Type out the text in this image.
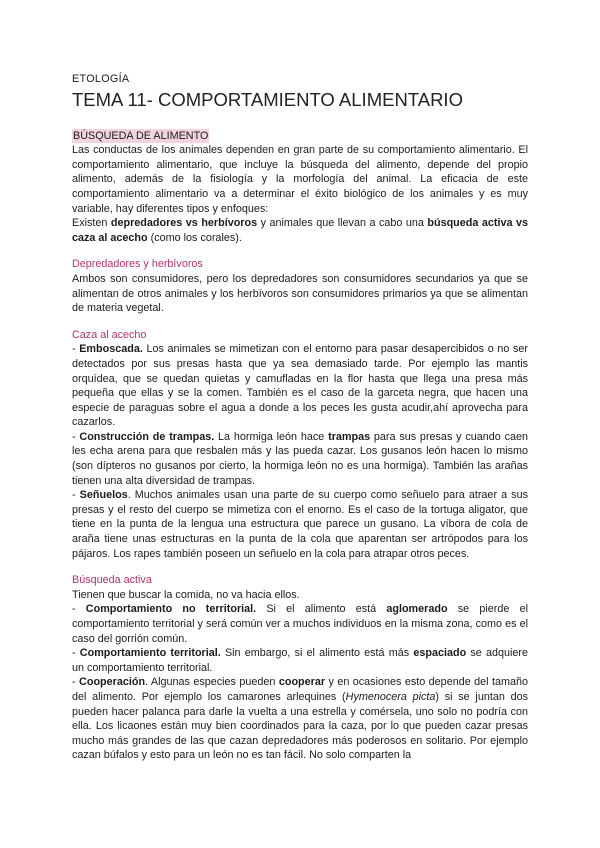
ETOLOGÍA
TEMA 11- COMPORTAMIENTO ALIMENTARIO
BÚSQUEDA DE ALIMENTO

Las conductas de los animales dependen en gran parte de su comportamiento alimentario. El comportamiento alimentario, que incluye la búsqueda del alimento, depende del propio alimento, además de la fisiología y la morfología del animal. La eficacia de este comportamiento alimentario va a determinar el éxito biológico de los animales y es muy variable, hay diferentes tipos y enfoques:

Existen depredadores vs herbívoros y animales que llevan a cabo una búsqueda activa vs caza al acecho (como los corales).

Depredadores y herbívoros

Ambos son consumidores, pero los depredadores son consumidores secundarios ya que se alimentan de otros animales y los herbívoros son consumidores primarios ya que se alimentan de materia vegetal.

Caza al acecho

- Emboscada. Los animales se mimetizan con el entorno para pasar desapercibidos o no ser detectados por sus presas hasta que ya sea demasiado tarde. Por ejemplo las mantis orquídea, que se quedan quietas y camufladas en la flor hasta que llega una presa más pequeña que ellas y se la comen. También es el caso de la garceta negra, que hacen una especie de paraguas sobre el agua a donde a los peces les gusta acudir,ahí aprovecha para cazarlos.

- Construcción de trampas. La hormiga león hace trampas para sus presas y cuando caen les echa arena para que resbalen más y las pueda cazar. Los gusanos león hacen lo mismo (son dípteros no gusanos por cierto, la hormiga león no es una hormiga). También las arañas tienen una alta diversidad de trampas.

- Señuelos. Muchos animales usan una parte de su cuerpo como señuelo para atraer a sus presas y el resto del cuerpo se mimetiza con el enorno. Es el caso de la tortuga aligator, que tiene en la punta de la lengua una estructura que parece un gusano. La víbora de cola de araña tiene unas estructuras en la punta de la cola que aparentan ser artrópodos para los pájaros. Los rapes también poseen un señuelo en la cola para atrapar otros peces.

Búsqueda activa

Tienen que buscar la comida, no va hacia ellos.

- Comportamiento no territorial. Si el alimento está aglomerado se pierde el comportamiento territorial y será común ver a muchos individuos en la misma zona, como es el caso del gorrión común.

- Comportamiento territorial. Sin embargo, si el alimento está más espaciado se adquiere un comportamiento territorial.

- Cooperación. Algunas especies pueden cooperar y en ocasiones esto depende del tamaño del alimento. Por ejemplo los camarones arlequines (Hymenocera picta) si se juntan dos pueden hacer palanca para darle la vuelta a una estrella y comérsela, uno solo no podría con ella. Los licaones están muy bien coordinados para la caza, por lo que pueden cazar presas mucho más grandes de las que cazan depredadores más poderosos en solitario. Por ejemplo cazan búfalos y esto para un león no es tan fácil. No solo comparten la
